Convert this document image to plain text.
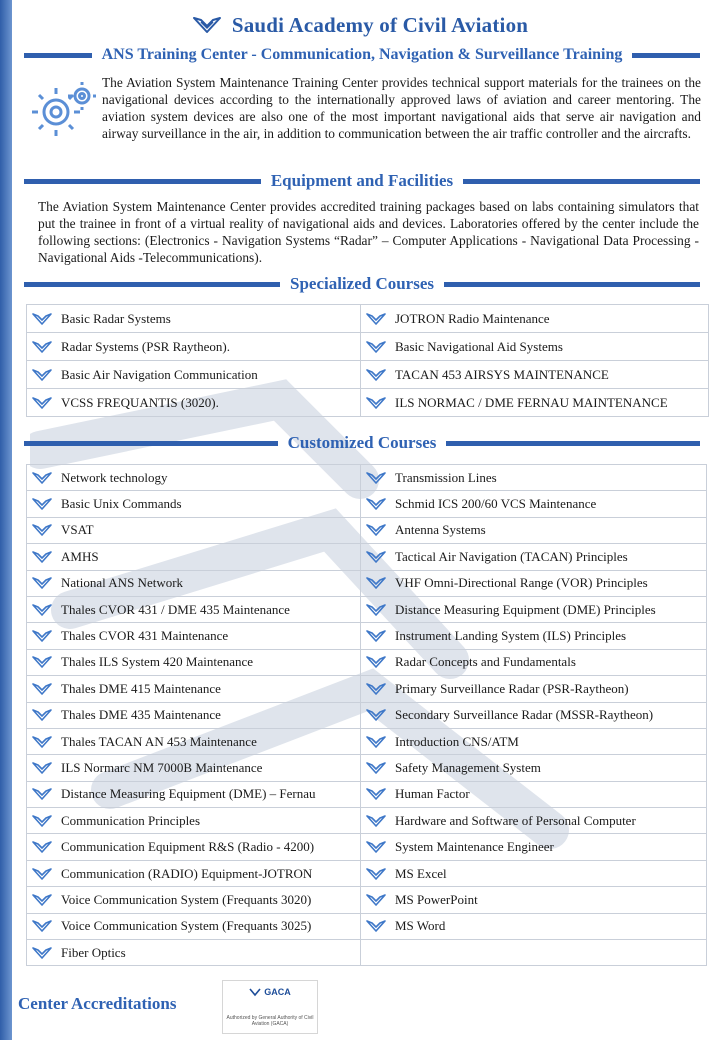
Saudi Academy of Civil Aviation
ANS Training Center - Communication, Navigation & Surveillance Training
The Aviation System Maintenance Training Center provides technical support materials for the trainees on the navigational devices according to the internationally approved laws of aviation and career mentoring. The aviation system devices are also one of the most important navigational aids that serve air navigation and airway surveillance in the air, in addition to communication between the air traffic controller and the aircrafts.
Equipment and Facilities
The Aviation System Maintenance Center provides accredited training packages based on labs containing simulators that put the trainee in front of a virtual reality of navigational aids and devices. Laboratories offered by the center include the following sections: (Electronics - Navigation Systems “Radar” – Computer Applications - Navigational Data Processing - Navigational Aids -Telecommunications).
Specialized Courses
Basic Radar Systems	JOTRON Radio Maintenance

Radar Systems (PSR Raytheon).	Basic Navigational Aid Systems

Basic Air Navigation Communication	TACAN 453 AIRSYS MAINTENANCE

VCSS FREQUANTIS (3020).	ILS NORMAC / DME FERNAU MAINTENANCE
Customized Courses
Network technology	Transmission Lines

Basic Unix Commands	Schmid ICS 200/60 VCS Maintenance

VSAT	Antenna Systems

AMHS	Tactical Air Navigation (TACAN) Principles

National ANS Network	VHF Omni-Directional Range (VOR) Principles

Thales CVOR 431 / DME 435 Maintenance	Distance Measuring Equipment (DME) Principles

Thales CVOR 431 Maintenance	Instrument Landing System (ILS) Principles

Thales ILS System 420 Maintenance	Radar Concepts and Fundamentals

Thales DME 415 Maintenance	Primary Surveillance Radar (PSR-Raytheon)

Thales DME 435 Maintenance	Secondary Surveillance Radar (MSSR-Raytheon)

Thales TACAN AN 453 Maintenance	Introduction CNS/ATM

ILS Normarc NM 7000B Maintenance	Safety Management System

Distance Measuring Equipment (DME) – Fernau	Human Factor

Communication Principles	Hardware and Software of Personal Computer

Communication Equipment R&S (Radio - 4200)	System Maintenance Engineer

Communication (RADIO) Equipment-JOTRON	MS Excel

Voice Communication System (Frequants 3020)	MS PowerPoint

Voice Communication System (Frequants 3025)	MS Word

Fiber Optics	

Center Accreditations
GACA
Authorized by General Authority of Civil Aviation (GACA)
